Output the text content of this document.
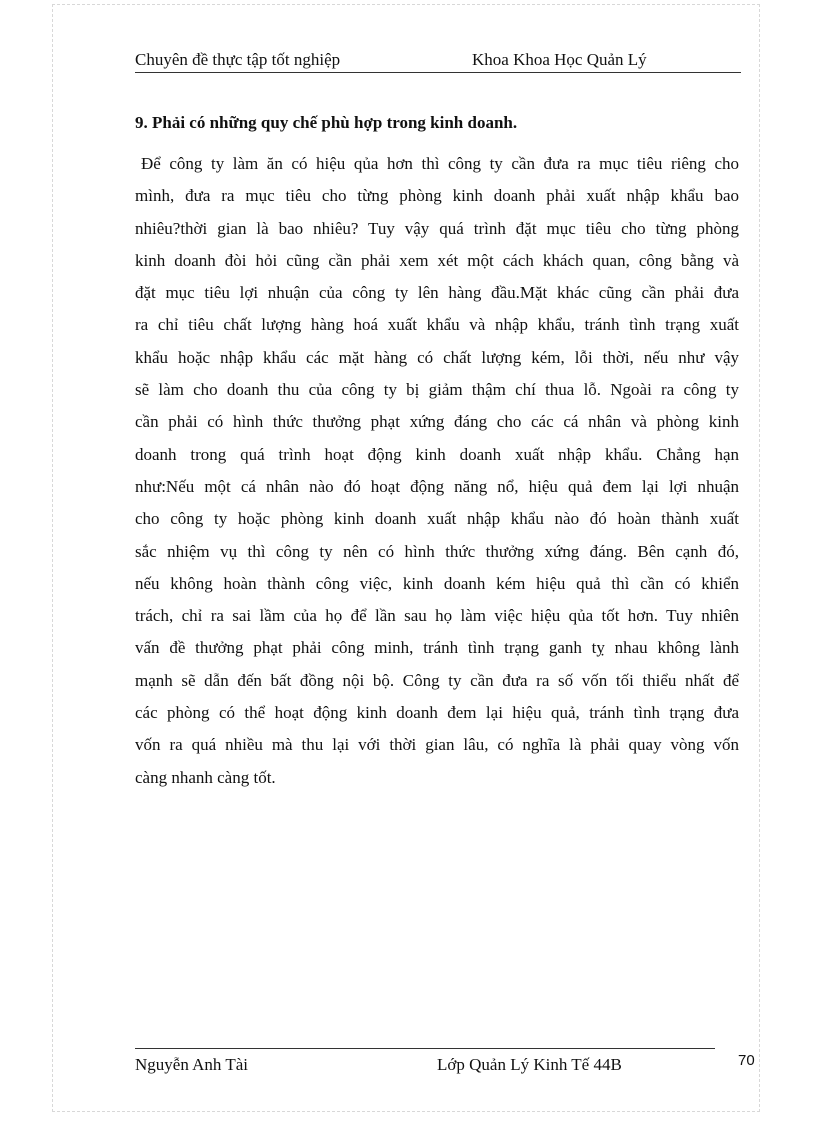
Chuyên đề thực tập tốt nghiệp	Khoa Khoa Học Quản Lý
9. Phải có những quy chế phù hợp trong kinh doanh.
Để công ty làm ăn có hiệu qủa hơn thì công ty cần đưa ra mục tiêu riêng cho
mình, đưa ra mục tiêu cho từng phòng kinh doanh phải xuất nhập khẩu bao
nhiêu?thời gian là bao nhiêu? Tuy vậy quá trình đặt mục tiêu cho từng phòng
kinh doanh đòi hỏi cũng cần phải xem xét một cách khách quan, công bằng và
đặt mục tiêu lợi nhuận của công ty lên hàng đầu.Mặt khác cũng cần phải đưa
ra chỉ tiêu chất lượng hàng hoá xuất khẩu và nhập khẩu, tránh tình trạng xuất
khẩu hoặc nhập khẩu các mặt hàng có chất lượng kém, lỗi thời, nếu như vậy
sẽ làm cho doanh thu của công ty bị giảm thậm chí thua lỗ. Ngoài ra công ty
cần phải có hình thức thưởng phạt xứng đáng cho các cá nhân và phòng kinh
doanh trong quá trình hoạt động kinh doanh xuất nhập khẩu. Chẳng hạn
như:Nếu một cá nhân nào đó hoạt động năng nổ, hiệu quả đem lại lợi nhuận
cho công ty hoặc phòng kinh doanh xuất nhập khẩu nào đó hoàn thành xuất
sắc nhiệm vụ thì công ty nên có hình thức thưởng xứng đáng. Bên cạnh đó,
nếu không hoàn thành công việc, kinh doanh kém hiệu quả thì cần có khiển
trách, chỉ ra sai lầm của họ để lần sau họ làm việc hiệu qủa tốt hơn. Tuy nhiên
vấn đề thưởng phạt phải công minh, tránh tình trạng ganh tỵ nhau không lành
mạnh sẽ dẫn đến bất đồng nội bộ. Công ty cần đưa ra số vốn tối thiểu nhất để
các phòng có thể hoạt động kinh doanh đem lại hiệu quả, tránh tình trạng đưa
vốn ra quá nhiều mà thu lại với thời gian lâu, có nghĩa là phải quay vòng vốn
càng nhanh càng tốt.
Nguyễn Anh Tài	Lớp Quản Lý Kinh Tế 44B	70
